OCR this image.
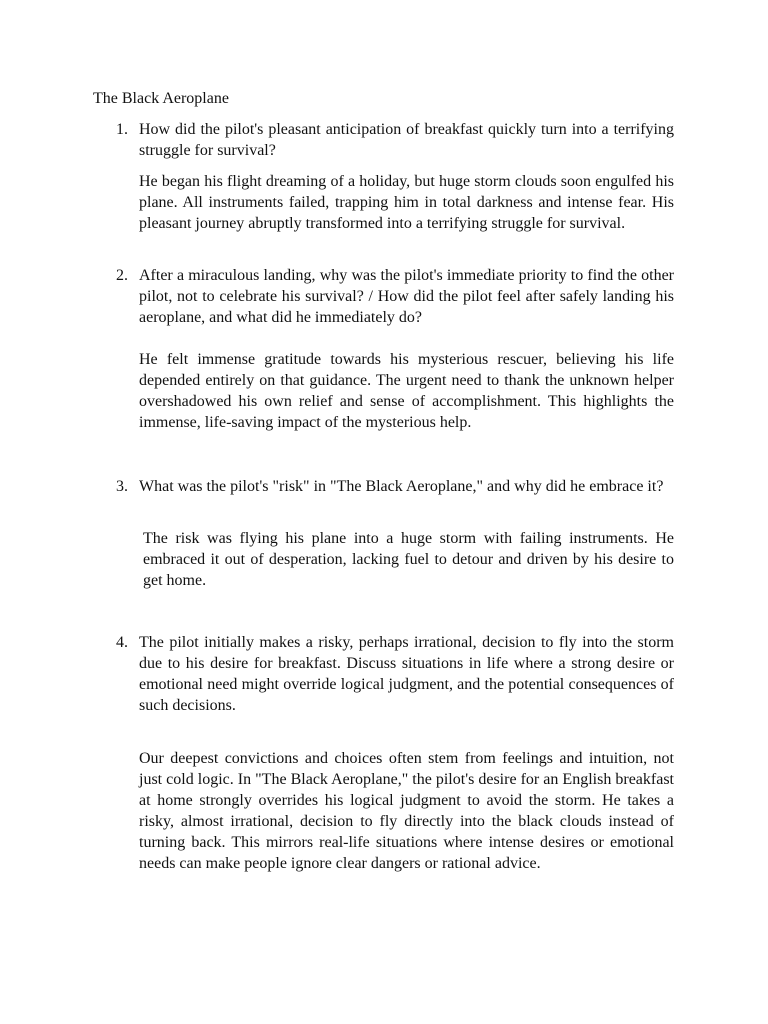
The Black Aeroplane
1. How did the pilot's pleasant anticipation of breakfast quickly turn into a terrifying struggle for survival?

He began his flight dreaming of a holiday, but huge storm clouds soon engulfed his plane. All instruments failed, trapping him in total darkness and intense fear. His pleasant journey abruptly transformed into a terrifying struggle for survival.

2. After a miraculous landing, why was the pilot's immediate priority to find the other pilot, not to celebrate his survival? / How did the pilot feel after safely landing his aeroplane, and what did he immediately do?

He felt immense gratitude towards his mysterious rescuer, believing his life depended entirely on that guidance. The urgent need to thank the unknown helper overshadowed his own relief and sense of accomplishment. This highlights the immense, life-saving impact of the mysterious help.

3. What was the pilot's "risk" in "The Black Aeroplane," and why did he embrace it?

The risk was flying his plane into a huge storm with failing instruments. He embraced it out of desperation, lacking fuel to detour and driven by his desire to get home.

4. The pilot initially makes a risky, perhaps irrational, decision to fly into the storm due to his desire for breakfast. Discuss situations in life where a strong desire or emotional need might override logical judgment, and the potential consequences of such decisions.

Our deepest convictions and choices often stem from feelings and intuition, not just cold logic. In "The Black Aeroplane," the pilot's desire for an English breakfast at home strongly overrides his logical judgment to avoid the storm. He takes a risky, almost irrational, decision to fly directly into the black clouds instead of turning back. This mirrors real-life situations where intense desires or emotional needs can make people ignore clear dangers or rational advice.
